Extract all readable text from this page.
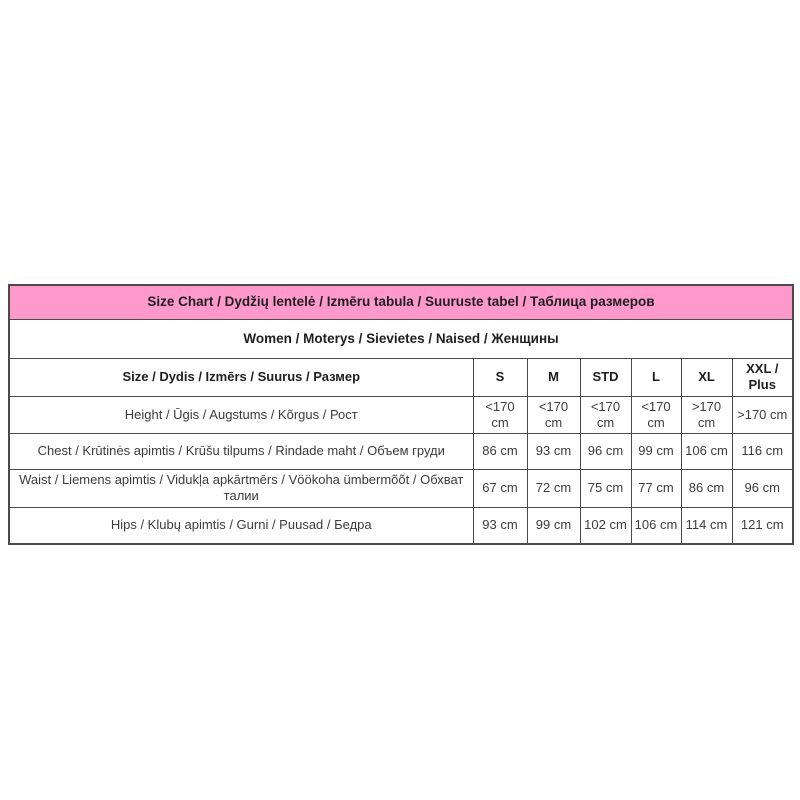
Size Chart / Dydžių lentelė / Izmēru tabula / Suuruste tabel / Таблица размеров						
Women / Moterys / Sievietes / Naised / Женщины						
Size / Dydis / Izmērs / Suurus / Размер	S	M	STD	L	XL	XXL / Plus
Height / Ūgis / Augstums / Kõrgus / Рост	<170 cm	<170 cm	<170 cm	<170 cm	>170 cm	>170 cm
Chest / Krūtinės apimtis / Krūšu tilpums / Rindade maht / Объем груди	86 cm	93 cm	96 cm	99 cm	106 cm	116 cm
Waist / Liemens apimtis / Vidukļa apkārtmērs / Vöökoha ümbermõõt / Обхват талии	67 cm	72 cm	75 cm	77 cm	86 cm	96 cm
Hips / Klubų apimtis / Gurni / Puusad / Бедра	93 cm	99 cm	102 cm	106 cm	114 cm	121 cm
